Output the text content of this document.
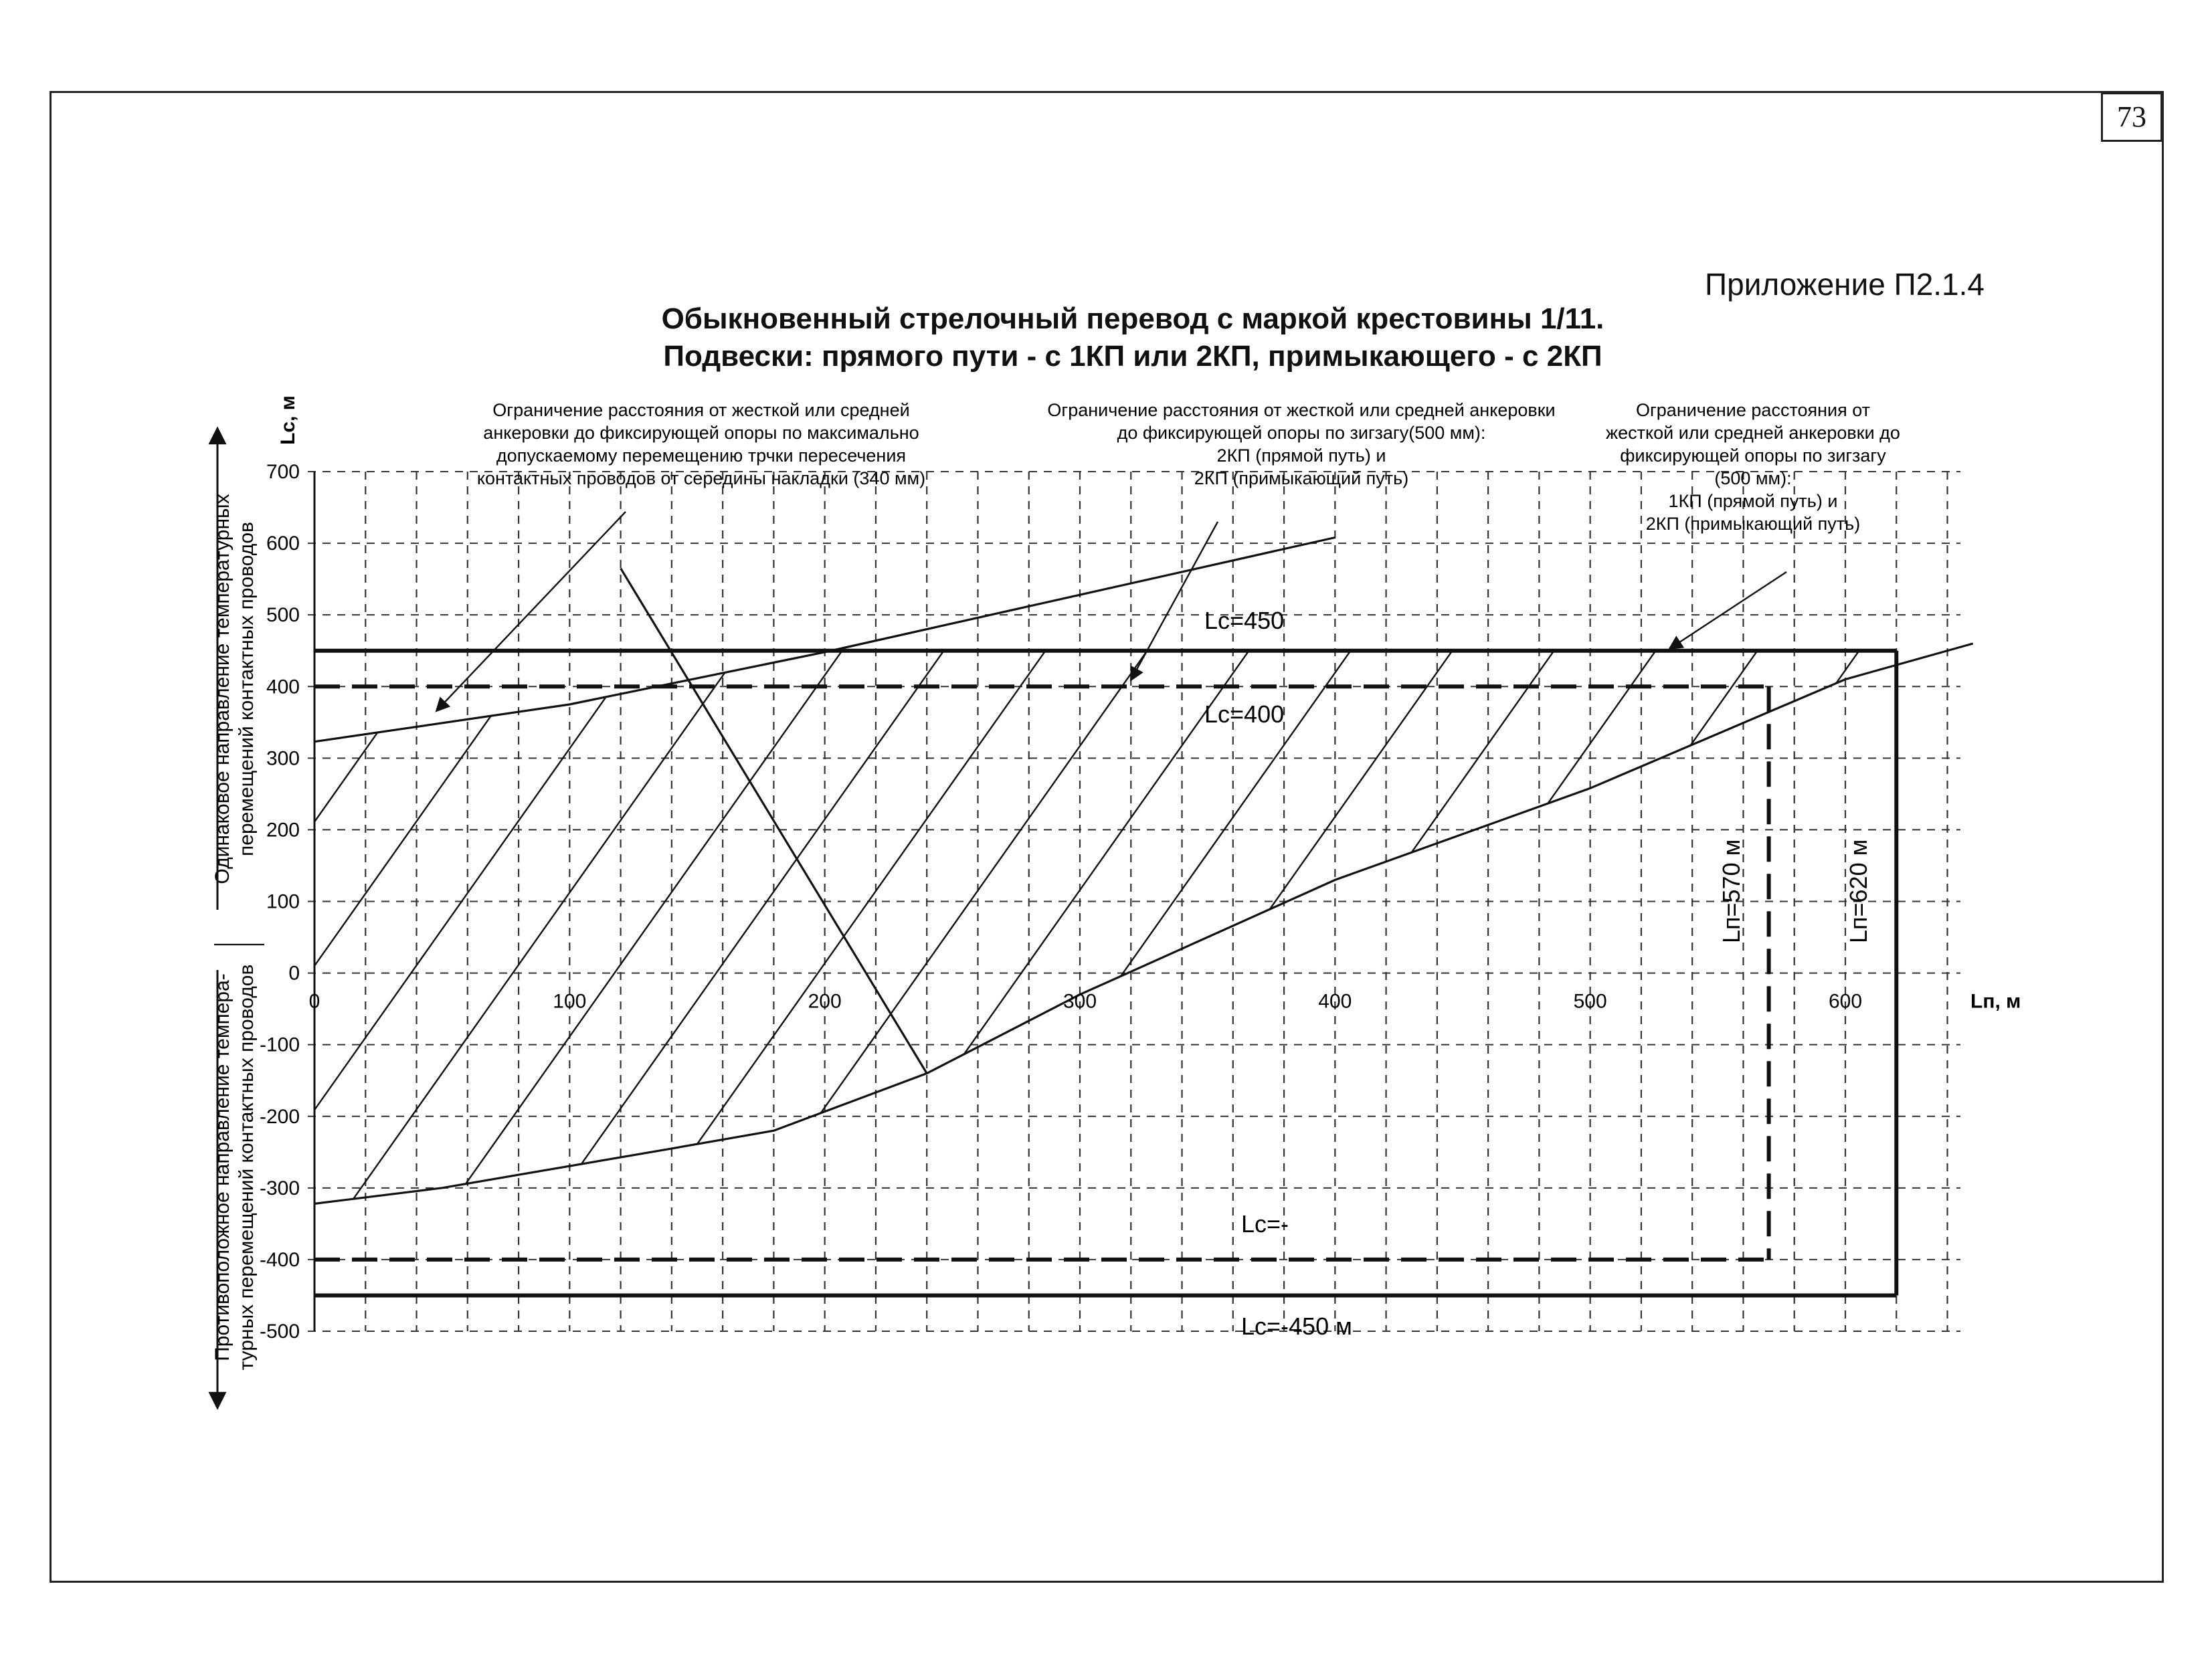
73
Приложение П2.1.4
Обыкновенный стрелочный перевод с маркой крестовины 1/11.
Подвески: прямого пути - с 1КП или 2КП, примыкающего - с 2КП
700
600
500
400
300
200
100
0
-100
-200
-300
-400
-500
0	100	200	300	400	500	600	Lп, м
Lc, м	Ограничение расстояния от жесткой или средней
анкеровки до фиксирующей опоры по максимально
допускаемому перемещению трчки пересечения
контактных проводов от середины накладки (340 мм)
Ограничение расстояния от жесткой или средней анкеровки
до фиксирующей опоры по зигзагу(500 мм):
2КП (прямой путь) и
2КП (примыкающий путь)
Ограничение расстояния от
жесткой или средней анкеровки до
фиксирующей опоры по зигзагу
(500 мм):
1КП (прямой путь) и
2КП (примыкающий путь)
Lc=450
Lc=400
Lc=-
Lc=-450 м
Lп=570 м	Lп=620 м
Одинаковое направление температурных перемещений контактных проводов
Противоположное направление темпера- турных перемещений контактных проводов
